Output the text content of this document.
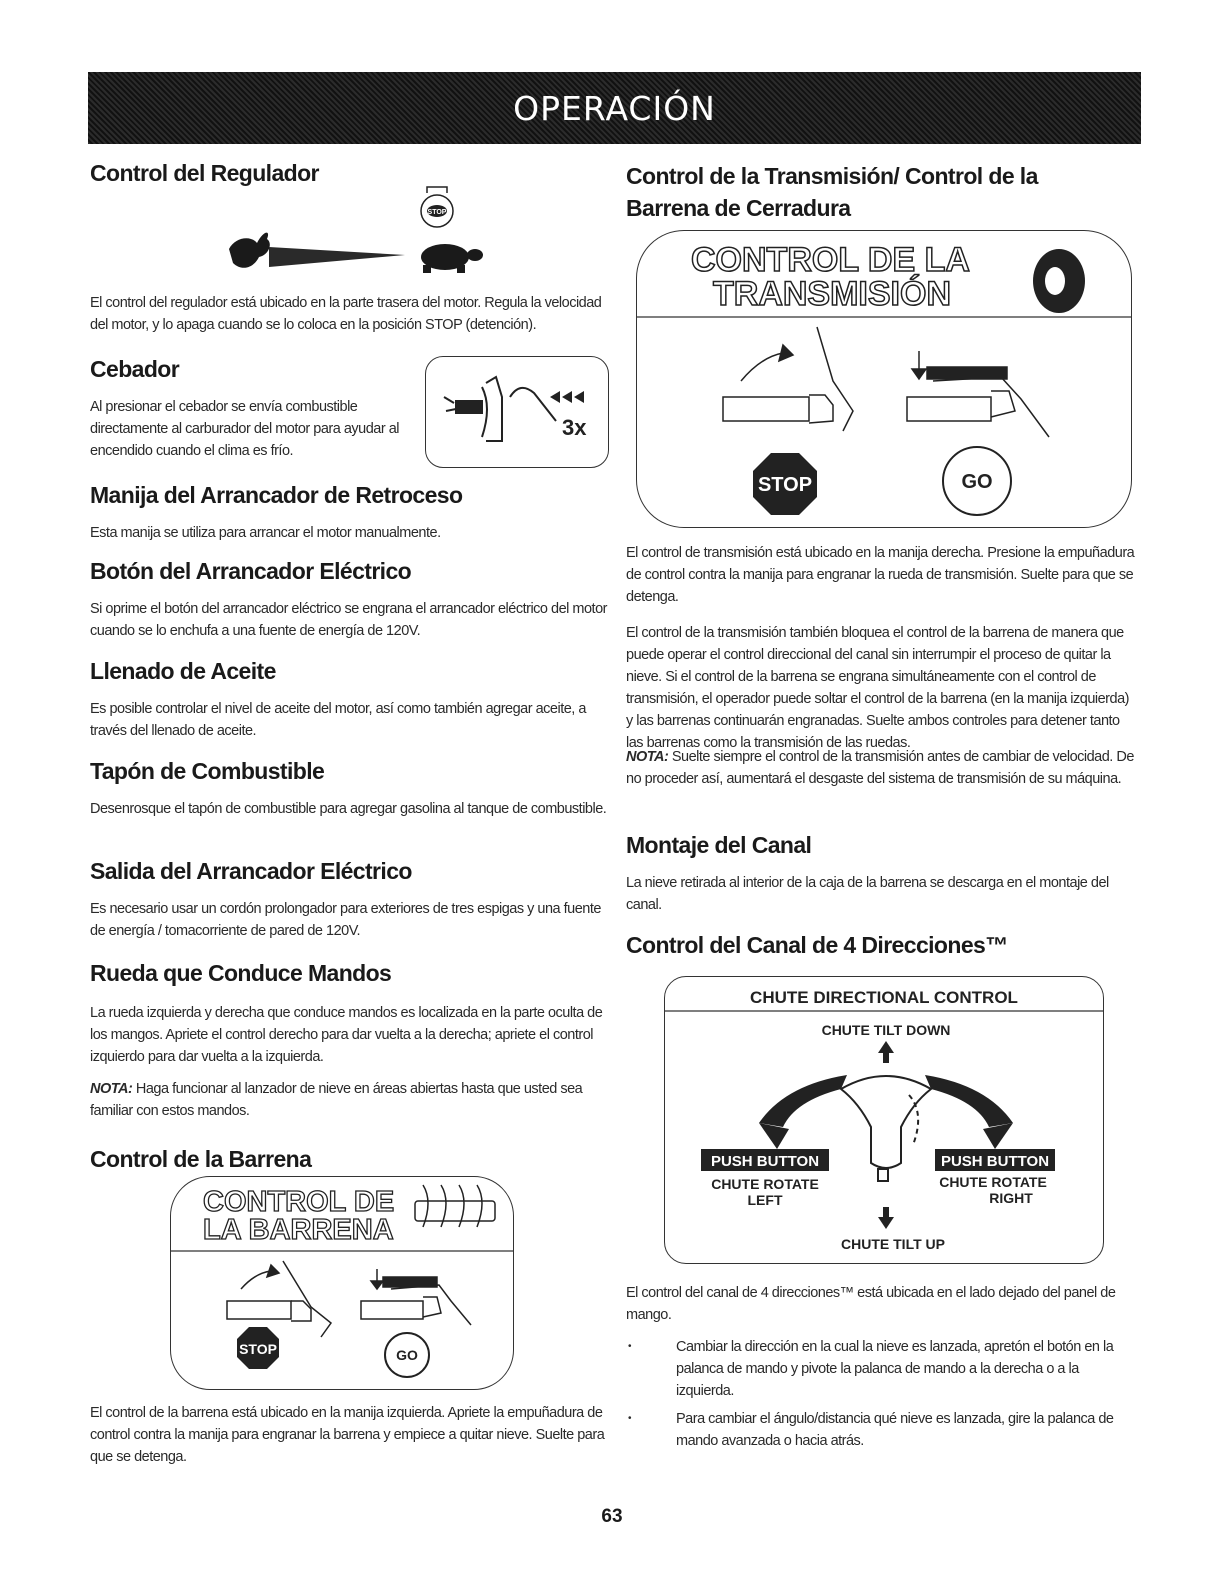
OPERACIÓN
Control del Regulador
STOP

El control del regulador está ubicado en la parte trasera del motor. Regula la velocidad del motor, y lo apaga cuando se lo coloca en la posición STOP (detención).

Cebador

Al presionar el cebador se envía combustible directamente al carburador del motor para ayudar al encendido cuando el clima es frío.

3x
Manija del Arrancador de Retroceso

Esta manija se utiliza para arrancar el motor manualmente.

Botón del Arrancador Eléctrico

Si oprime el botón del arrancador eléctrico se engrana el arrancador eléctrico del motor cuando se lo enchufa a una fuente de energía de 120V.

Llenado de Aceite

Es posible controlar el nivel de aceite del motor, así como también agregar aceite, a través del llenado de aceite.

Tapón de Combustible

Desenrosque el tapón de combustible para agregar gasolina al tanque de combustible.

Salida del Arrancador Eléctrico

Es necesario usar un cordón prolongador para exteriores de tres espigas y una fuente de energía / tomacorriente de pared de 120V.

Rueda que Conduce Mandos

La rueda izquierda y derecha que conduce mandos es localizada en la parte oculta de los mangos. Apriete el control derecho para dar vuelta a la derecha; apriete el control izquierdo para dar vuelta a la izquierda.

NOTA: Haga funcionar al lanzador de nieve en áreas abiertas hasta que usted sea familiar con estos mandos.

Control de la Barrena
CONTROL DE
LA BARRENA
STOP	GO

El control de la barrena está ubicado en la manija izquierda. Apriete la empuñadura de control contra la manija para engranar la barrena y empiece a quitar nieve. Suelte para que se detenga.

Control de la Transmisión/ Control de la Barrena de Cerradura
CONTROL DE LA
TRANSMISIÓN
STOP	GO

El control de transmisión está ubicado en la manija derecha. Presione la empuñadura de control contra la manija para engranar la rueda de transmisión. Suelte para que se detenga.

El control de la transmisión también bloquea el control de la barrena de manera que puede operar el control direccional del canal sin interrumpir el proceso de quitar la nieve. Si el control de la barrena se engrana simultáneamente con el control de transmisión, el operador puede soltar el control de la barrena (en la manija izquierda) y las barrenas continuarán engranadas. Suelte ambos controles para detener tanto las barrenas como la transmisión de las ruedas.

NOTA: Suelte siempre el control de la transmisión antes de cambiar de velocidad. De no proceder así, aumentará el desgaste del sistema de transmisión de su máquina.

Montaje del Canal

La nieve retirada al interior de la caja de la barrena se descarga en el montaje del canal.

Control del Canal de 4 Direcciones™
CHUTE DIRECTIONAL CONTROL
CHUTE TILT DOWN
PUSH BUTTON	PUSH BUTTON
CHUTE ROTATE
LEFT
CHUTE ROTATE
RIGHT
CHUTE TILT UP

El control del canal de 4 direcciones™ está ubicada en el lado dejado del panel de mango.

• Cambiar la dirección en la cual la nieve es lanzada, apretón el botón en la palanca de mando y pivote la palanca de mando a la derecha o a la izquierda.
• Para cambiar el ángulo/distancia qué nieve es lanzada, gire la palanca de mando avanzada o hacia atrás.
63
